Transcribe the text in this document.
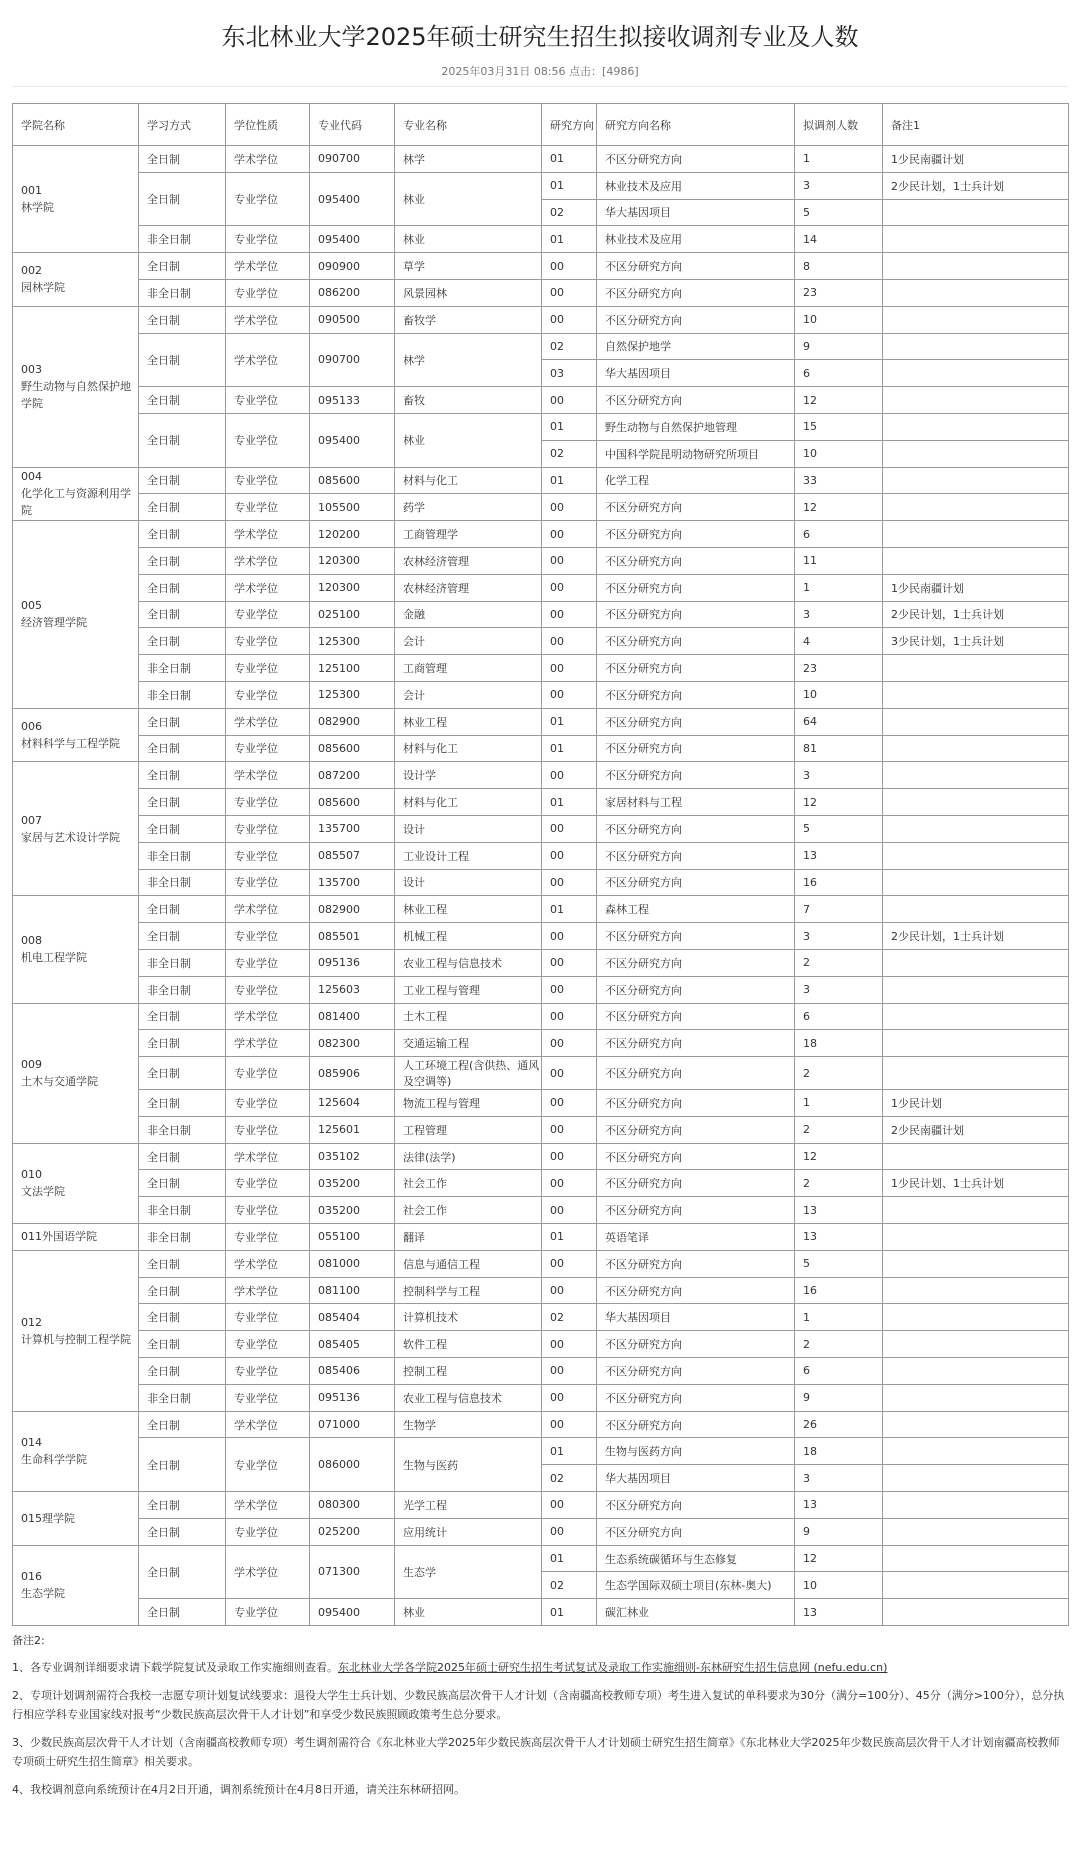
东北林业大学2025年硕士研究生招生拟接收调剂专业及人数
2025年03月31日 08:56 点击：[4986]
学院名称	学习方式	学位性质	专业代码	专业名称	研究方向	研究方向名称	拟调剂人数	备注1
001
林学院	全日制	学术学位	090700	林学	01	不区分研究方向	1	1少民南疆计划
	全日制	专业学位	095400	林业	01	林业技术及应用	3	2少民计划，1士兵计划
					02	华大基因项目	5	
	非全日制	专业学位	095400	林业	01	林业技术及应用	14	
002
园林学院	全日制	学术学位	090900	草学	00	不区分研究方向	8	
	非全日制	专业学位	086200	风景园林	00	不区分研究方向	23	
003
野生动物与自然保护地学院	全日制	学术学位	090500	畜牧学	00	不区分研究方向	10	
	全日制	学术学位	090700	林学	02	自然保护地学	9	
					03	华大基因项目	6	
	全日制	专业学位	095133	畜牧	00	不区分研究方向	12	
	全日制	专业学位	095400	林业	01	野生动物与自然保护地管理	15	
					02	中国科学院昆明动物研究所项目	10	
004
化学化工与资源利用学院	全日制	专业学位	085600	材料与化工	01	化学工程	33	
	全日制	专业学位	105500	药学	00	不区分研究方向	12	
005
经济管理学院	全日制	学术学位	120200	工商管理学	00	不区分研究方向	6	
	全日制	学术学位	120300	农林经济管理	00	不区分研究方向	11	
	全日制	学术学位	120300	农林经济管理	00	不区分研究方向	1	1少民南疆计划
	全日制	专业学位	025100	金融	00	不区分研究方向	3	2少民计划，1士兵计划
	全日制	专业学位	125300	会计	00	不区分研究方向	4	3少民计划，1士兵计划
	非全日制	专业学位	125100	工商管理	00	不区分研究方向	23	
	非全日制	专业学位	125300	会计	00	不区分研究方向	10	
006
材料科学与工程学院	全日制	学术学位	082900	林业工程	01	不区分研究方向	64	
	全日制	专业学位	085600	材料与化工	01	不区分研究方向	81	
007
家居与艺术设计学院	全日制	学术学位	087200	设计学	00	不区分研究方向	3	
	全日制	专业学位	085600	材料与化工	01	家居材料与工程	12	
	全日制	专业学位	135700	设计	00	不区分研究方向	5	
	非全日制	专业学位	085507	工业设计工程	00	不区分研究方向	13	
	非全日制	专业学位	135700	设计	00	不区分研究方向	16	
008
机电工程学院	全日制	学术学位	082900	林业工程	01	森林工程	7	
	全日制	专业学位	085501	机械工程	00	不区分研究方向	3	2少民计划，1士兵计划
	非全日制	专业学位	095136	农业工程与信息技术	00	不区分研究方向	2	
	非全日制	专业学位	125603	工业工程与管理	00	不区分研究方向	3	
009
土木与交通学院	全日制	学术学位	081400	土木工程	00	不区分研究方向	6	
	全日制	学术学位	082300	交通运输工程	00	不区分研究方向	18	
	全日制	专业学位	085906	人工环境工程(含供热、通风及空调等)	00	不区分研究方向	2	
	全日制	专业学位	125604	物流工程与管理	00	不区分研究方向	1	1少民计划
	非全日制	专业学位	125601	工程管理	00	不区分研究方向	2	2少民南疆计划
010
文法学院	全日制	学术学位	035102	法律(法学)	00	不区分研究方向	12	
	全日制	专业学位	035200	社会工作	00	不区分研究方向	2	1少民计划、1士兵计划
	非全日制	专业学位	035200	社会工作	00	不区分研究方向	13	
011外国语学院	非全日制	专业学位	055100	翻译	01	英语笔译	13	
012
计算机与控制工程学院	全日制	学术学位	081000	信息与通信工程	00	不区分研究方向	5	
	全日制	学术学位	081100	控制科学与工程	00	不区分研究方向	16	
	全日制	专业学位	085404	计算机技术	02	华大基因项目	1	
	全日制	专业学位	085405	软件工程	00	不区分研究方向	2	
	全日制	专业学位	085406	控制工程	00	不区分研究方向	6	
	非全日制	专业学位	095136	农业工程与信息技术	00	不区分研究方向	9	
014
生命科学学院	全日制	学术学位	071000	生物学	00	不区分研究方向	26	
	全日制	专业学位	086000	生物与医药	01	生物与医药方向	18	
					02	华大基因项目	3	
015理学院	全日制	学术学位	080300	光学工程	00	不区分研究方向	13	
	全日制	专业学位	025200	应用统计	00	不区分研究方向	9	
016
生态学院	全日制	学术学位	071300	生态学	01	生态系统碳循环与生态修复	12	
					02	生态学国际双硕士项目(东林-奥大)	10	
	全日制	专业学位	095400	林业	01	碳汇林业	13	

备注2:

1、各专业调剂详细要求请下载学院复试及录取工作实施细则查看。东北林业大学各学院2025年硕士研究生招生考试复试及录取工作实施细则-东林研究生招生信息网 (nefu.edu.cn)

2、专项计划调剂需符合我校一志愿专项计划复试线要求：退役大学生士兵计划、少数民族高层次骨干人才计划（含南疆高校教师专项）考生进入复试的单科要求为30分（满分=100分）、45分（满分>100分），总分执行相应学科专业国家线对报考“少数民族高层次骨干人才计划”和享受少数民族照顾政策考生总分要求。

3、少数民族高层次骨干人才计划（含南疆高校教师专项）考生调剂需符合《东北林业大学2025年少数民族高层次骨干人才计划硕士研究生招生简章》《东北林业大学2025年少数民族高层次骨干人才计划南疆高校教师专项硕士研究生招生简章》相关要求。

4、我校调剂意向系统预计在4月2日开通，调剂系统预计在4月8日开通，请关注东林研招网。
